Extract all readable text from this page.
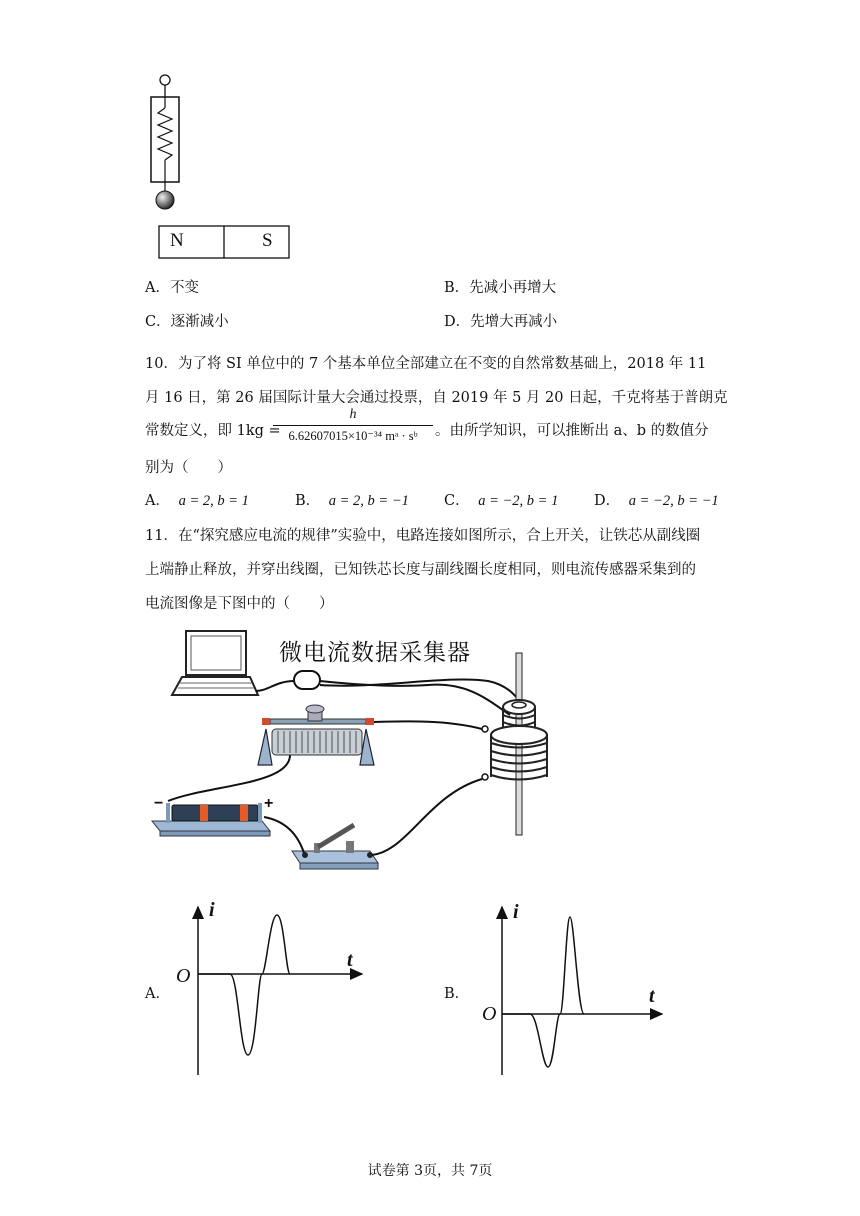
N	S
A．不变	B．先减小再增大
C．逐渐减小	D．先增大再减小
10．为了将 SI 单位中的 7 个基本单位全部建立在不变的自然常数基础上，2018 年 11
月 16 日，第 26 届国际计量大会通过投票，自 2019 年 5 月 20 日起，千克将基于普朗克
常数定义，即 1kg =
h
6.62607015×10⁻³⁴ mᵃ · sᵇ	。由所学知识，可以推断出 a、b 的数值分
别为（　　）
A． a = 2, b = 1	B． a = 2, b = −1 C． a = −2, b = 1 D． a = −2, b = −1
11．在“探究感应电流的规律”实验中，电路连接如图所示，合上开关，让铁芯从副线圈
上端静止释放，并穿出线圈，已知铁芯长度与副线圈长度相同，则电流传感器采集到的
电流图像是下图中的（　　）
微电流数据采集器
−	+
A．
i
t
O
B．
i
t
O
试卷第 3页，共 7页
